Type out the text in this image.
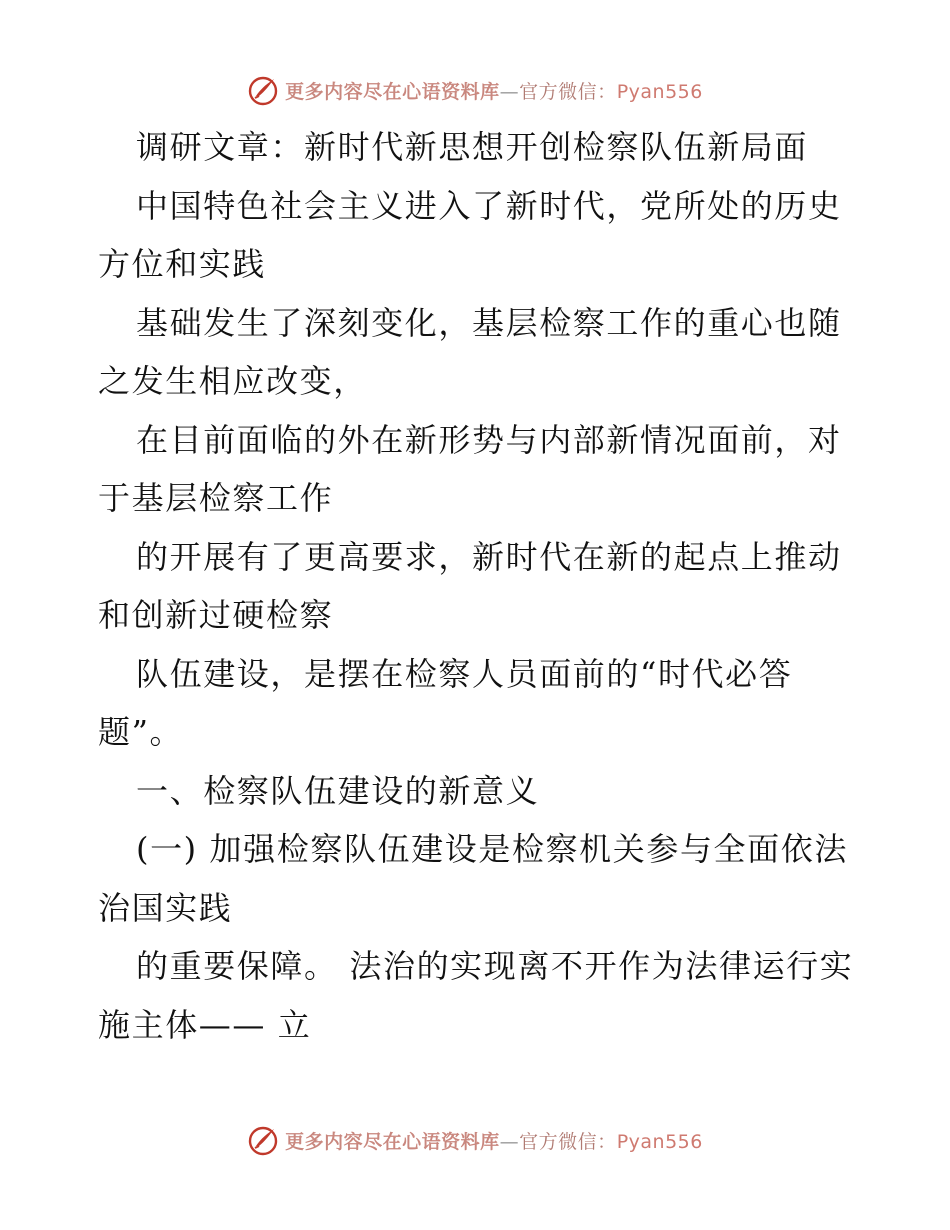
更多内容尽在心语资料库—官方微信：Pyan556

调研文章：新时代新思想开创检察队伍新局面

中国特色社会主义进入了新时代，党所处的历史方位和实践

基础发生了深刻变化，基层检察工作的重心也随之发生相应改变，

在目前面临的外在新形势与内部新情况面前，对于基层检察工作

的开展有了更高要求，新时代在新的起点上推动和创新过硬检察

队伍建设，是摆在检察人员面前的“时代必答题”。

一、检察队伍建设的新意义

(一) 加强检察队伍建设是检察机关参与全面依法治国实践

的重要保障。 法治的实现离不开作为法律运行实施主体—— 立

更多内容尽在心语资料库—官方微信：Pyan556
